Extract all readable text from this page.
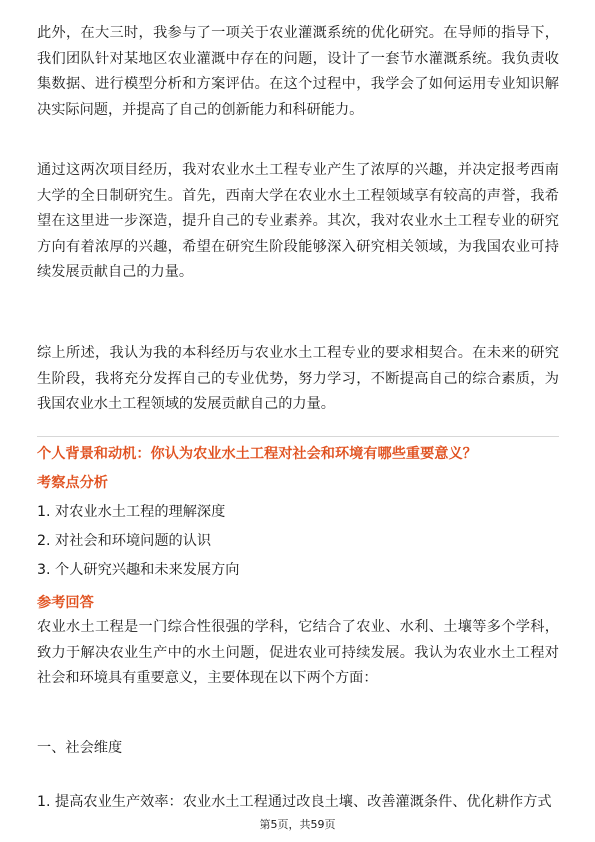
此外，在大三时，我参与了一项关于农业灌溉系统的优化研究。在导师的指导下，我们团队针对某地区农业灌溉中存在的问题，设计了一套节水灌溉系统。我负责收集数据、进行模型分析和方案评估。在这个过程中，我学会了如何运用专业知识解决实际问题，并提高了自己的创新能力和科研能力。

通过这两次项目经历，我对农业水土工程专业产生了浓厚的兴趣，并决定报考西南大学的全日制研究生。首先，西南大学在农业水土工程领域享有较高的声誉，我希望在这里进一步深造，提升自己的专业素养。其次，我对农业水土工程专业的研究方向有着浓厚的兴趣，希望在研究生阶段能够深入研究相关领域，为我国农业可持续发展贡献自己的力量。

综上所述，我认为我的本科经历与农业水土工程专业的要求相契合。在未来的研究生阶段，我将充分发挥自己的专业优势，努力学习，不断提高自己的综合素质，为我国农业水土工程领域的发展贡献自己的力量。

个人背景和动机：你认为农业水土工程对社会和环境有哪些重要意义？
考察点分析
1. 对农业水土工程的理解深度
2. 对社会和环境问题的认识
3. 个人研究兴趣和未来发展方向
参考回答

农业水土工程是一门综合性很强的学科，它结合了农业、水利、土壤等多个学科，致力于解决农业生产中的水土问题，促进农业可持续发展。我认为农业水土工程对社会和环境具有重要意义，主要体现在以下两个方面：

一、社会维度
1. 提高农业生产效率：农业水土工程通过改良土壤、改善灌溉条件、优化耕作方式
第5页，共59页
